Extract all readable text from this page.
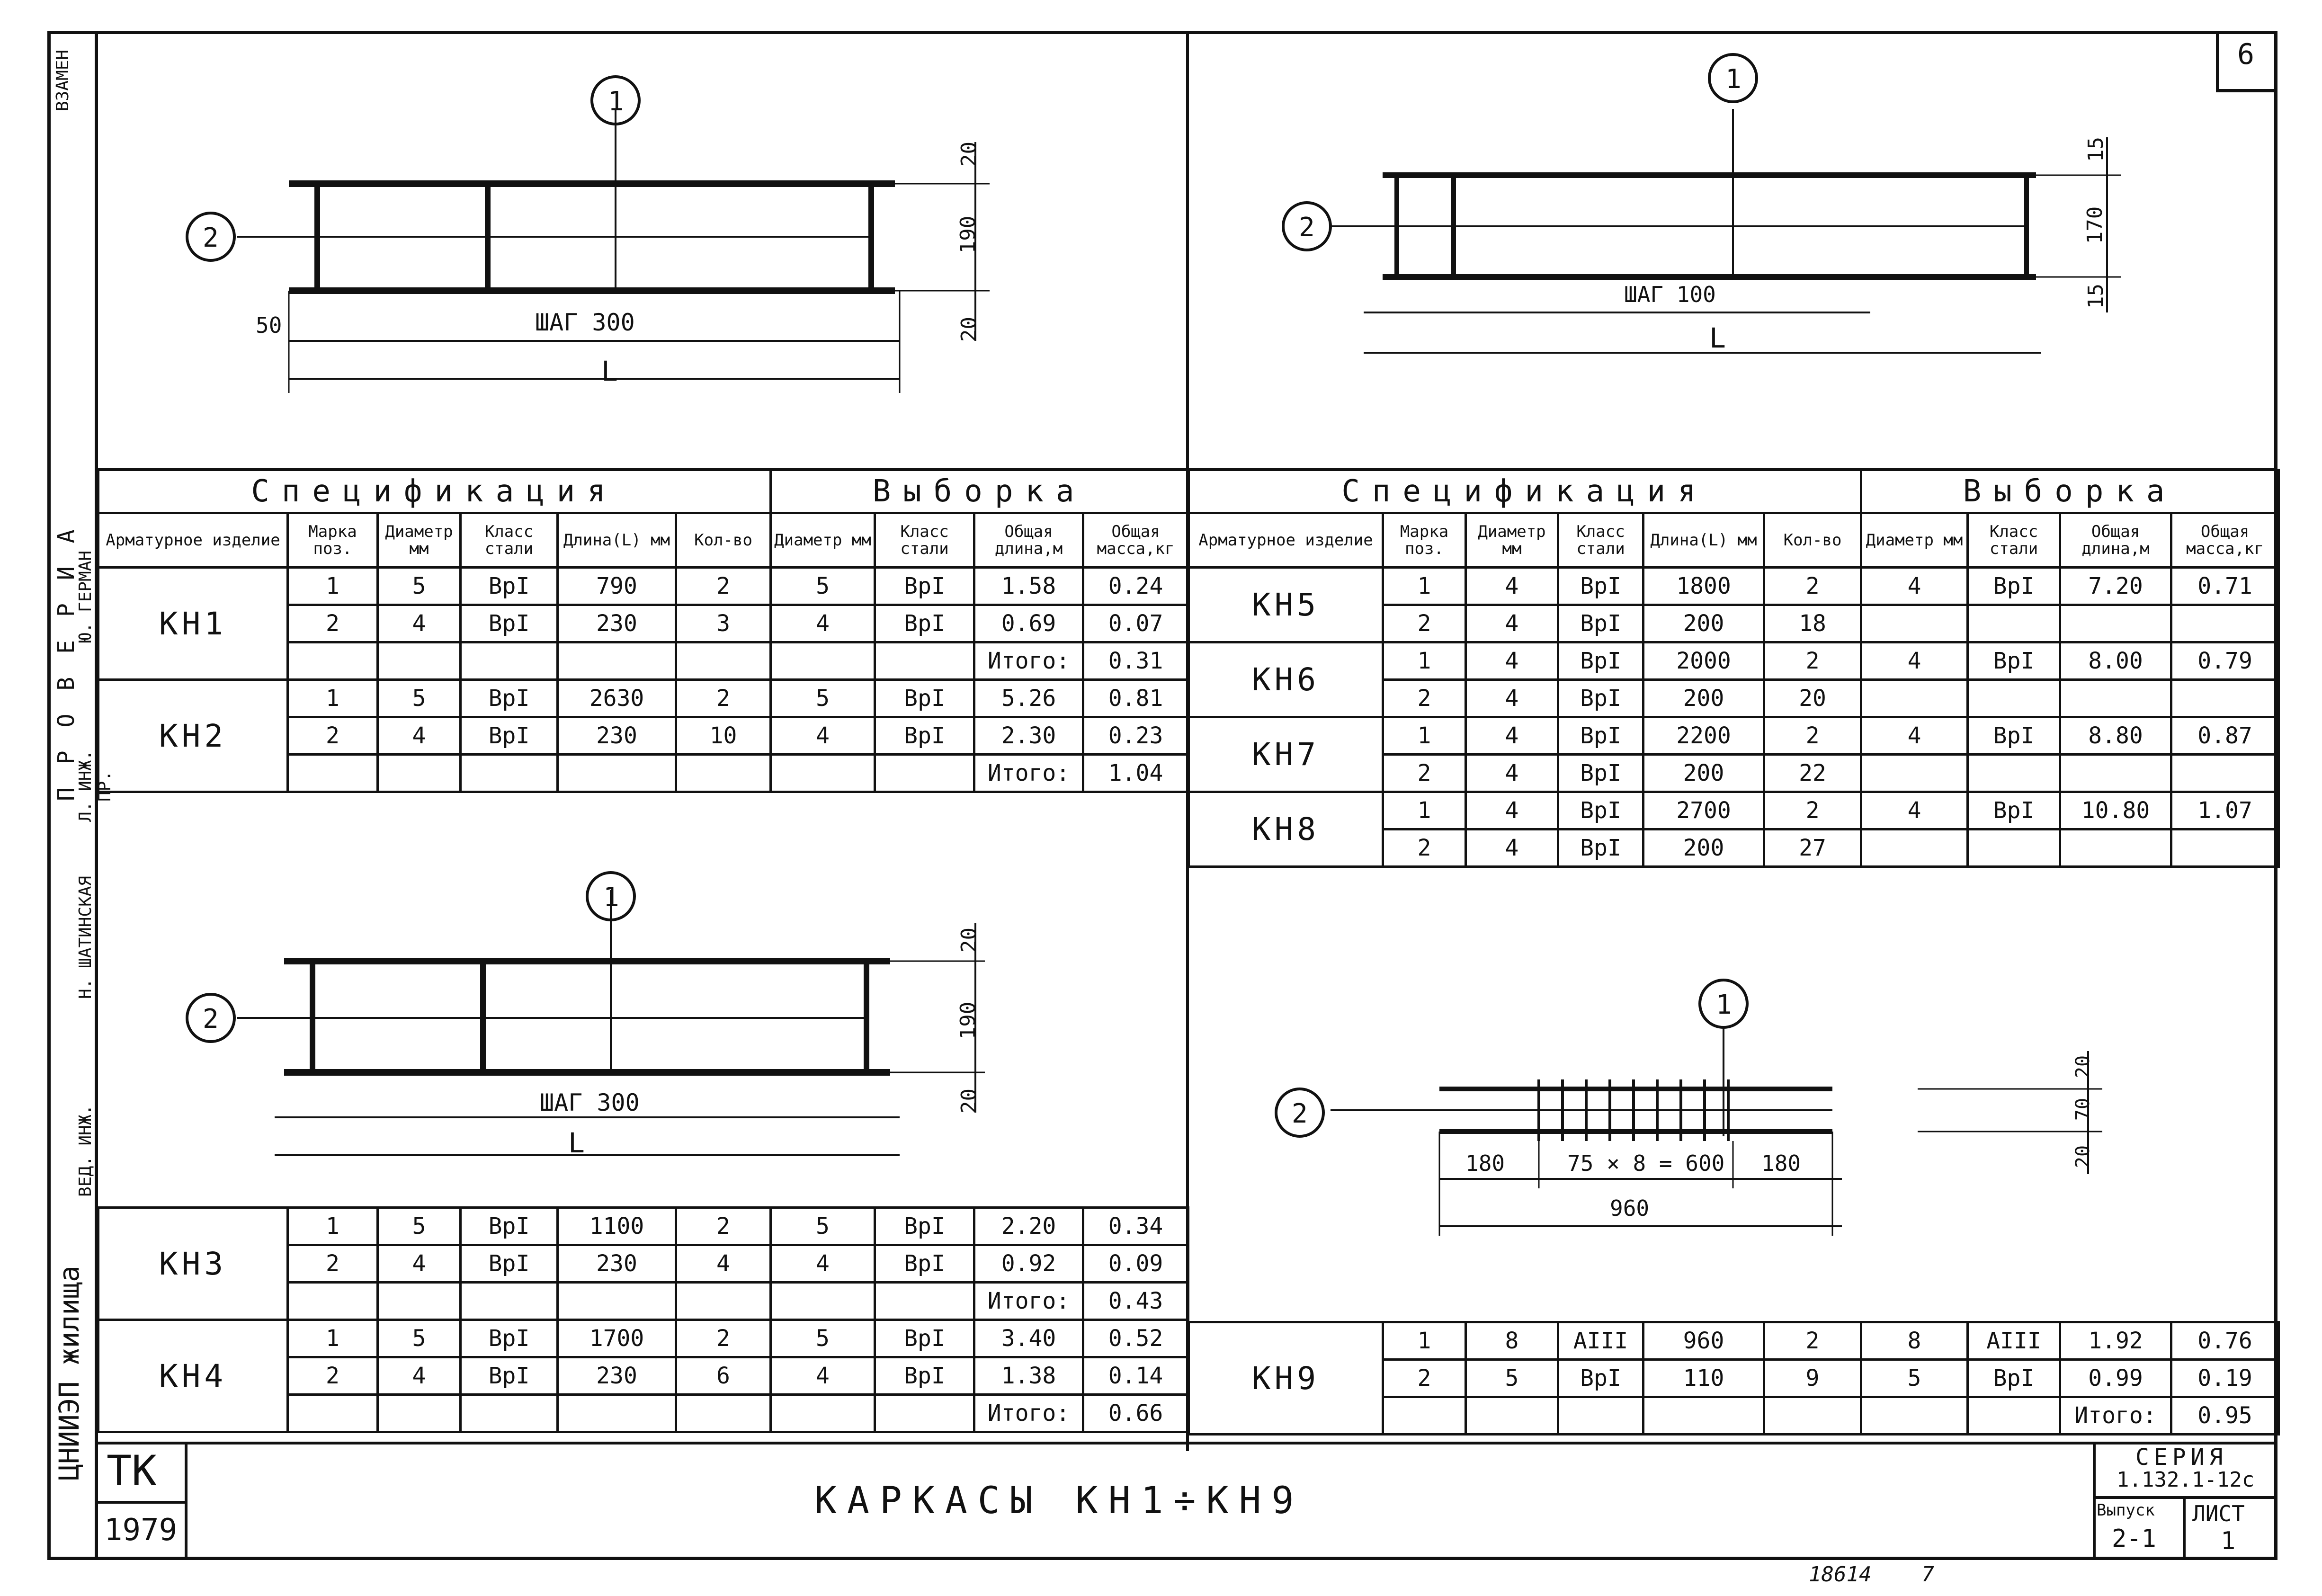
6
ВЗАМЕН
П Р О В Е Р И А
ЦНИИЭП жилища
Ю. ГЕРМАН
Л. ИНЖ. ПР.
Н. ШАТИНСКАЯ
ВЕД. ИНЖ.
1
2
ШАГ 300
50
L
20
190
20
1
2
ШАГ 100
L
15
170
15
1
2
ШАГ 300
L
20
190
20
1
2
180	75 × 8 = 600 180
960
20
70
20
Спецификация						Выборка			
Арматурное изделие	Марка поз.	Диаметр мм	Класс стали	Длина(L) мм	Кол-во	Диаметр мм	Класс стали	Общая длина,м	Общая масса,кг
КН1	1	5	BpI	790	2	5	BpI	1.58	0.24
	2	4	BpI	230	3	4	BpI	0.69	0.07
								Итого:	0.31
КН2	1	5	BpI	2630	2	5	BpI	5.26	0.81
	2	4	BpI	230	10	4	BpI	2.30	0.23
								Итого:	1.04
Спецификация						Выборка			
Арматурное изделие	Марка поз.	Диаметр мм	Класс стали	Длина(L) мм	Кол-во	Диаметр мм	Класс стали	Общая длина,м	Общая масса,кг
КН5	1	4	BpI	1800	2	4	BpI	7.20	0.71
	2	4	BpI	200	18				
КН6	1	4	BpI	2000	2	4	BpI	8.00	0.79
	2	4	BpI	200	20				
КН7	1	4	BpI	2200	2	4	BpI	8.80	0.87
	2	4	BpI	200	22				
КН8	1	4	BpI	2700	2	4	BpI	10.80	1.07
	2	4	BpI	200	27				
КН3	1	5	BpI	1100	2	5	BpI	2.20	0.34
	2	4	BpI	230	4	4	BpI	0.92	0.09
								Итого:	0.43
КН4	1	5	BpI	1700	2	5	BpI	3.40	0.52
	2	4	BpI	230	6	4	BpI	1.38	0.14
								Итого:	0.66
КН9	1	8	AIII	960	2	8	AIII	1.92	0.76
	2	5	BpI	110	9	5	BpI	0.99	0.19
								Итого:	0.95
ТК
1979
КАРКАСЫ КН1÷КН9
СЕРИЯ
1.132.1-12с
Выпуск
2-1
ЛИСТ
1
18614    7
